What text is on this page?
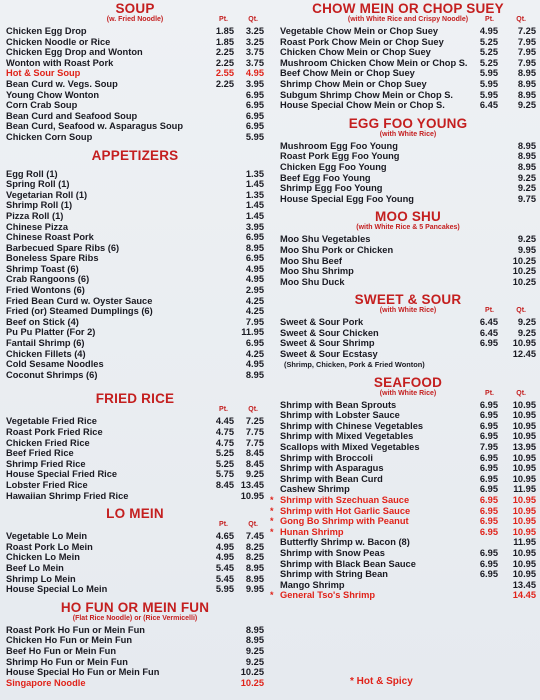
SOUP
(w. Fried Noodle)	Pt.	Qt.
Chicken Egg Drop	1.85 3.25
Chicken Noodle or Rice	1.85 3.25
Chicken Egg Drop and Wonton	2.25 3.75
Wonton with Roast Pork	2.25 3.75
Hot & Sour Soup	2.55 4.95
Bean Curd w. Vegs. Soup	2.25 3.95
Young Chow Wonton	6.95
Corn Crab Soup	6.95
Bean Curd and Seafood Soup	6.95
Bean Curd, Seafood w. Asparagus Soup	6.95
Chicken Corn Soup	5.95
APPETIZERS
Egg Roll (1)	1.35
Spring Roll (1)	1.45
Vegetarian Roll (1)	1.35
Shrimp Roll (1)	1.45
Pizza Roll (1)	1.45
Chinese Pizza	3.95
Chinese Roast Pork	6.95
Barbecued Spare Ribs (6)	8.95
Boneless Spare Ribs	6.95
Shrimp Toast (6)	4.95
Crab Rangoons (6)	4.95
Fried Wontons (6)	2.95
Fried Bean Curd w. Oyster Sauce	4.25
Fried (or) Steamed Dumplings (6)	4.25
Beef on Stick (4)	7.95
Pu Pu Platter (For 2)	11.95
Fantail Shrimp (6)	6.95
Chicken Fillets (4)	4.25
Cold Sesame Noodles	4.95
Coconut Shrimps (6)	8.95
FRIED RICE
Pt.	Qt.
Vegetable Fried Rice	4.45 7.25
Roast Pork Fried Rice	4.75 7.75
Chicken Fried Rice	4.75 7.75
Beef Fried Rice	5.25 8.45
Shrimp Fried Rice	5.25 8.45
House Special Fried Rice	5.75 9.25
Lobster Fried Rice	8.45 13.45
Hawaiian Shrimp Fried Rice	10.95
LO MEIN
Pt.	Qt.
Vegetable Lo Mein	4.65 7.45
Roast Pork Lo Mein	4.95 8.25
Chicken Lo Mein	4.95 8.25
Beef Lo Mein	5.45 8.95
Shrimp Lo Mein	5.45 8.95
House Special Lo Mein	5.95 9.95
HO FUN OR MEIN FUN
(Flat Rice Noodle) or (Rice Vermicelli)
Roast Pork Ho Fun or Mein Fun	8.95
Chicken Ho Fun or Mein Fun	8.95
Beef Ho Fun or Mein Fun	9.25
Shrimp Ho Fun or Mein Fun	9.25
House Special Ho Fun or Mein Fun	10.25
Singapore Noodle	10.25
CHOW MEIN OR CHOP SUEY
(with White Rice and Crispy Noodle)	Pt.	Qt.
Vegetable Chow Mein or Chop Suey	4.95 7.25
Roast Pork Chow Mein or Chop Suey	5.25 7.95
Chicken Chow Mein or Chop Suey	5.25 7.95
Mushroom Chicken Chow Mein or Chop S. 5.25 7.95
Beef Chow Mein or Chop Suey	5.95 8.95
Shrimp Chow Mein or Chop Suey	5.95 8.95
Subgum Shrimp Chow Mein or Chop S.	5.95 8.95
House Special Chow Mein or Chop S.	6.45 9.25
EGG FOO YOUNG
(with White Rice)
Mushroom Egg Foo Young	8.95
Roast Pork Egg Foo Young	8.95
Chicken Egg Foo Young	8.95
Beef Egg Foo Young	9.25
Shrimp Egg Foo Young	9.25
House Special Egg Foo Young	9.75
MOO SHU
(with White Rice & 5 Pancakes)
Moo Shu Vegetables	9.25
Moo Shu Pork or Chicken	9.95
Moo Shu Beef	10.25
Moo Shu Shrimp	10.25
Moo Shu Duck	10.25
SWEET & SOUR
(with White Rice)	Pt.	Qt.
Sweet & Sour Pork	6.45 9.25
Sweet & Sour Chicken	6.45 9.25
Sweet & Sour Shrimp	6.95 10.95
Sweet & Sour Ecstasy	12.45
(Shrimp, Chicken, Pork & Fried Wonton)
SEAFOOD
(with White Rice)	Pt.	Qt.
Shrimp with Bean Sprouts	6.95 10.95
Shrimp with Lobster Sauce	6.95 10.95
Shrimp with Chinese Vegetables	6.95 10.95
Shrimp with Mixed Vegetables	6.95 10.95
Scallops with Mixed Vegetables	7.95 13.95
Shrimp with Broccoli	6.95 10.95
Shrimp with Asparagus	6.95 10.95
Shrimp with Bean Curd	6.95 10.95
Cashew Shrimp	6.95 11.95
* Shrimp with Szechuan Sauce	6.95 10.95
* Shrimp with Hot Garlic Sauce	6.95 10.95
* Gong Bo Shrimp with Peanut	6.95 10.95
* Hunan Shrimp	6.95 10.95
Butterfly Shrimp w. Bacon (8)	11.95
Shrimp with Snow Peas	6.95 10.95
Shrimp with Black Bean Sauce	6.95 10.95
Shrimp with String Bean	6.95 10.95
Mango Shrimp	13.45
* General Tso's Shrimp	14.45
* Hot & Spicy
